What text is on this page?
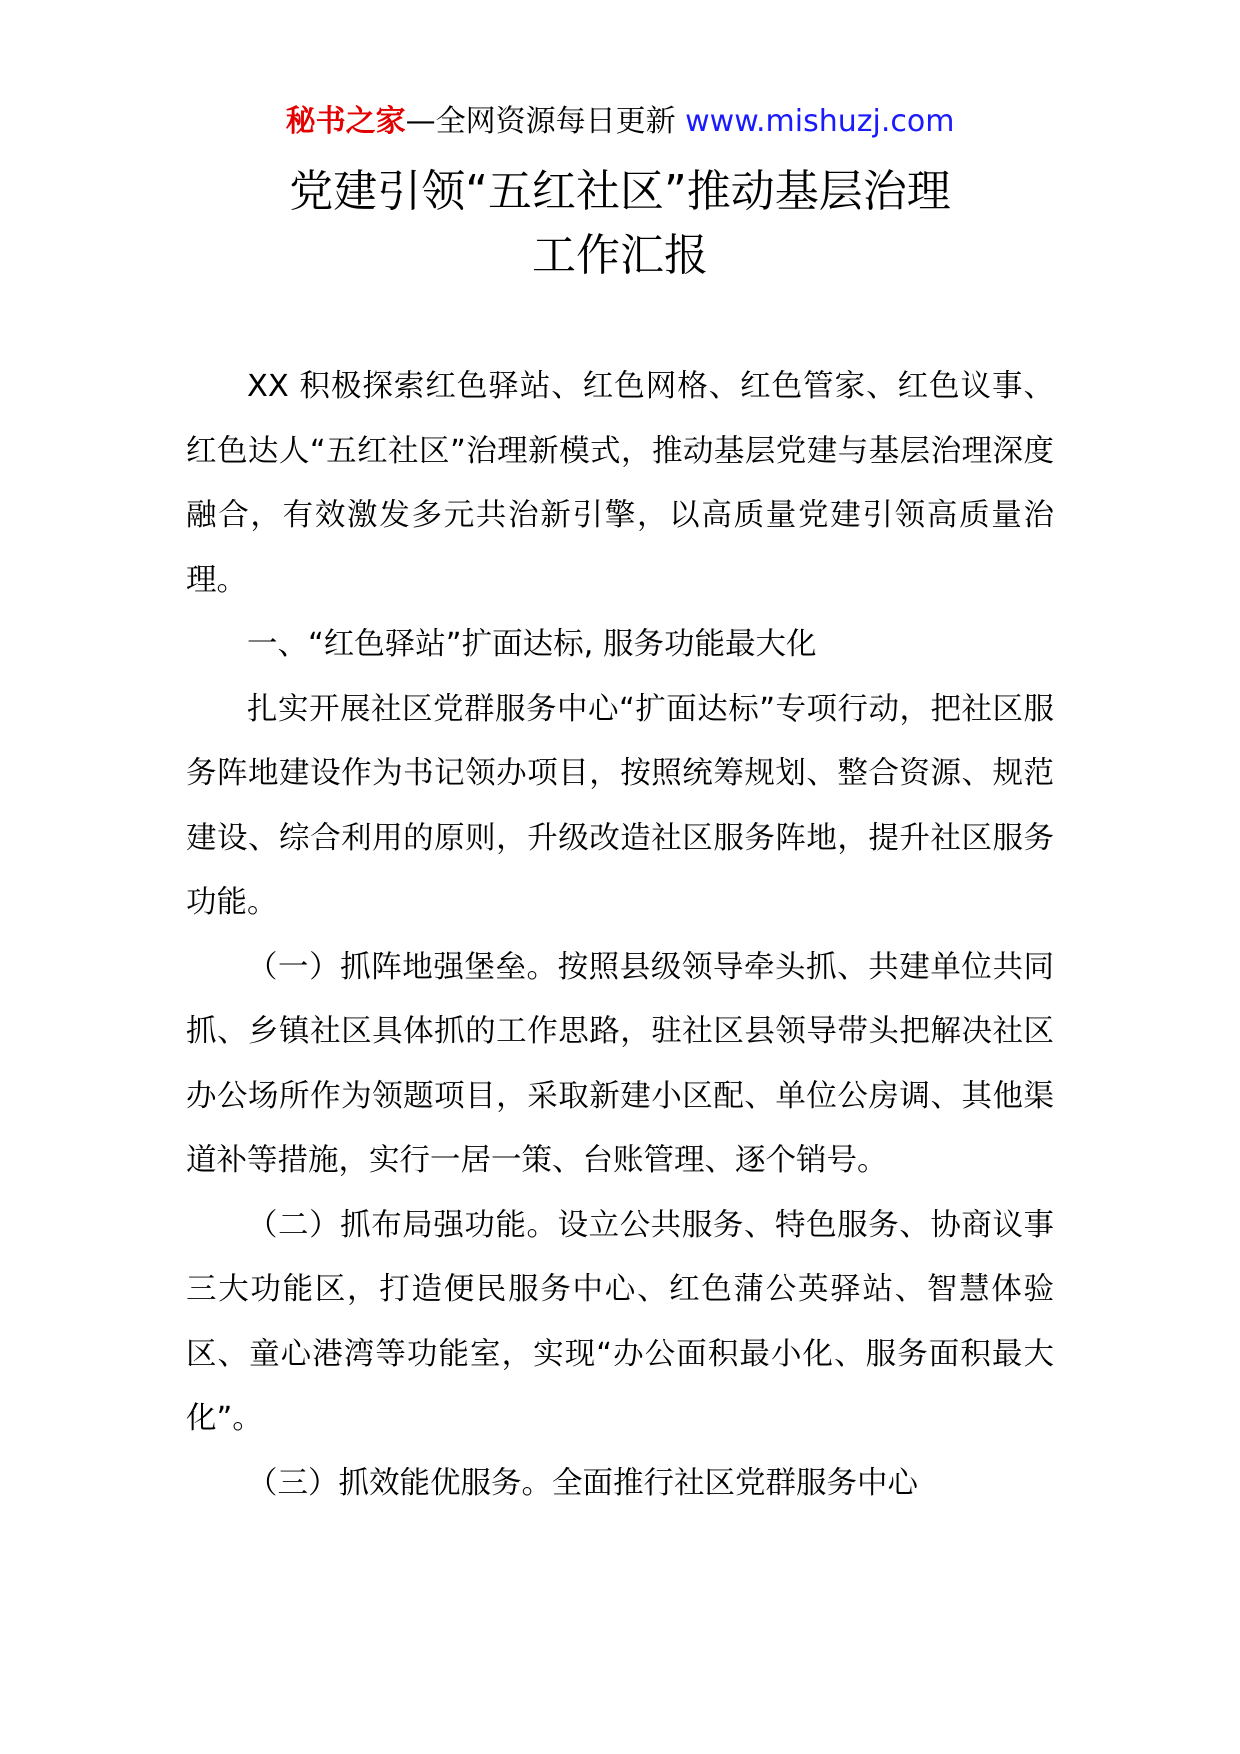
秘书之家—全网资源每日更新 www.mishuzj.com
党建引领“五红社区”推动基层治理
工作汇报

XX 积极探索红色驿站、红色网格、红色管家、红色议事、红色达人“五红社区”治理新模式，推动基层党建与基层治理深度融合，有效激发多元共治新引擎，以高质量党建引领高质量治理。

一、“红色驿站”扩面达标, 服务功能最大化

扎实开展社区党群服务中心“扩面达标”专项行动，把社区服务阵地建设作为书记领办项目，按照统筹规划、整合资源、规范建设、综合利用的原则，升级改造社区服务阵地，提升社区服务功能。

（一）抓阵地强堡垒。按照县级领导牵头抓、共建单位共同抓、乡镇社区具体抓的工作思路，驻社区县领导带头把解决社区办公场所作为领题项目，采取新建小区配、单位公房调、其他渠道补等措施，实行一居一策、台账管理、逐个销号。

（二）抓布局强功能。设立公共服务、特色服务、协商议事三大功能区，打造便民服务中心、红色蒲公英驿站、智慧体验区、童心港湾等功能室，实现“办公面积最小化、服务面积最大化”。

（三）抓效能优服务。全面推行社区党群服务中心
